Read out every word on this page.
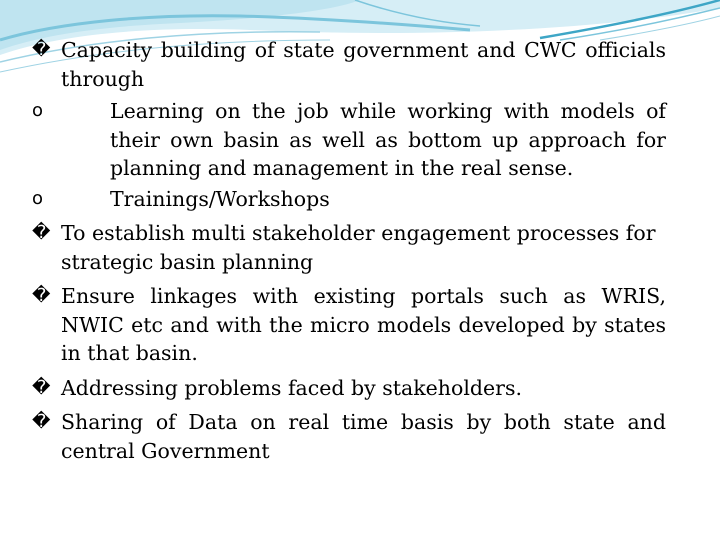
� Capacity building of state government and CWC officials through
o	Learning on the job while working with models of their own basin as well as bottom up approach for planning and management in the real sense.
o	Trainings/Workshops
� To establish multi stakeholder engagement processes for strategic basin planning
� Ensure linkages with existing portals such as WRIS, NWIC etc and with the micro models developed by states in that basin.
� Addressing problems faced by stakeholders.
� Sharing of Data on real time basis by both state and central Government
